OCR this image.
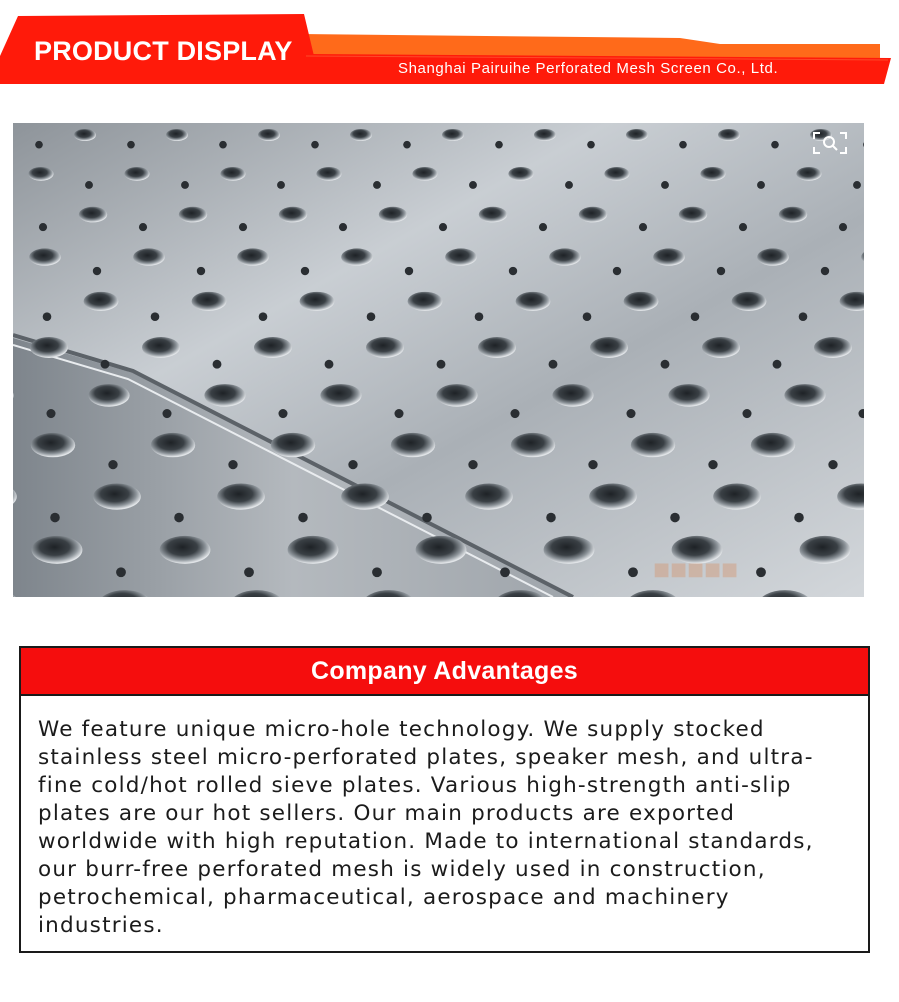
PRODUCT DISPLAY
Shanghai Pairuihe Perforated Mesh Screen Co., Ltd.
■■■■■
Company Advantages
We feature unique micro-hole technology. We supply stocked stainless steel micro-perforated plates, speaker mesh, and ultra-fine cold/hot rolled sieve plates. Various high-strength anti-slip plates are our hot sellers. Our main products are exported worldwide with high reputation. Made to international standards, our burr-free perforated mesh is widely used in construction, petrochemical, pharmaceutical, aerospace and machinery industries.
